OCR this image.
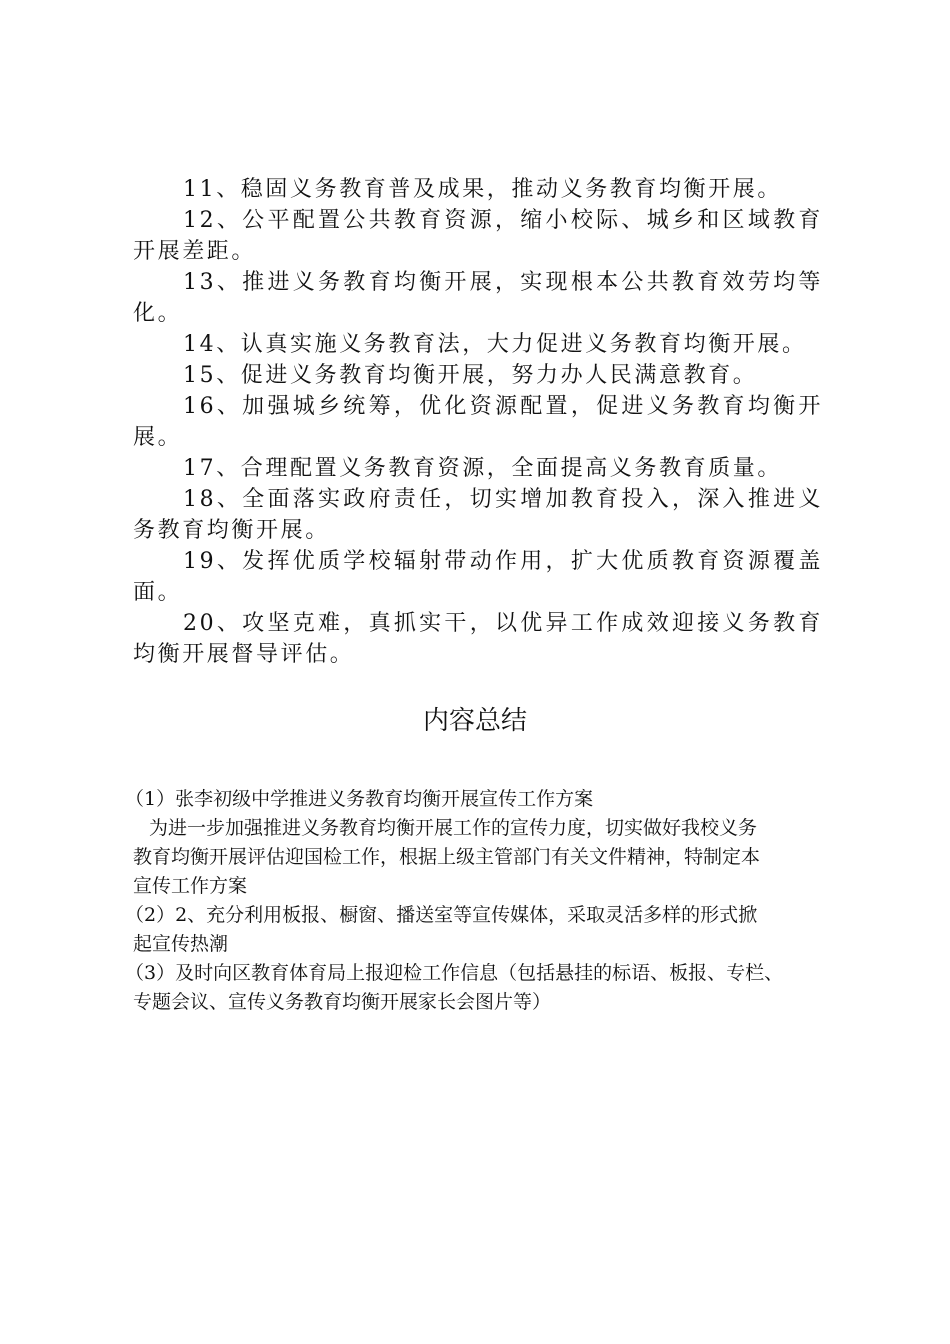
11、稳固义务教育普及成果，推动义务教育均衡开展。

12、公平配置公共教育资源，缩小校际、城乡和区域教育开展差距。

13、推进义务教育均衡开展，实现根本公共教育效劳均等化。

14、认真实施义务教育法，大力促进义务教育均衡开展。

15、促进义务教育均衡开展，努力办人民满意教育。

16、加强城乡统筹，优化资源配置，促进义务教育均衡开展。

17、合理配置义务教育资源，全面提高义务教育质量。

18、全面落实政府责任，切实增加教育投入，深入推进义务教育均衡开展。

19、发挥优质学校辐射带动作用，扩大优质教育资源覆盖面。

20、攻坚克难，真抓实干，以优异工作成效迎接义务教育均衡开展督导评估。

内容总结

（1）张李初级中学推进义务教育均衡开展宣传工作方案

为进一步加强推进义务教育均衡开展工作的宣传力度，切实做好我校义务

教育均衡开展评估迎国检工作，根据上级主管部门有关文件精神，特制定本

宣传工作方案

（2）2、充分利用板报、橱窗、播送室等宣传媒体，采取灵活多样的形式掀

起宣传热潮

（3）及时向区教育体育局上报迎检工作信息（包括悬挂的标语、板报、专栏、

专题会议、宣传义务教育均衡开展家长会图片等）
